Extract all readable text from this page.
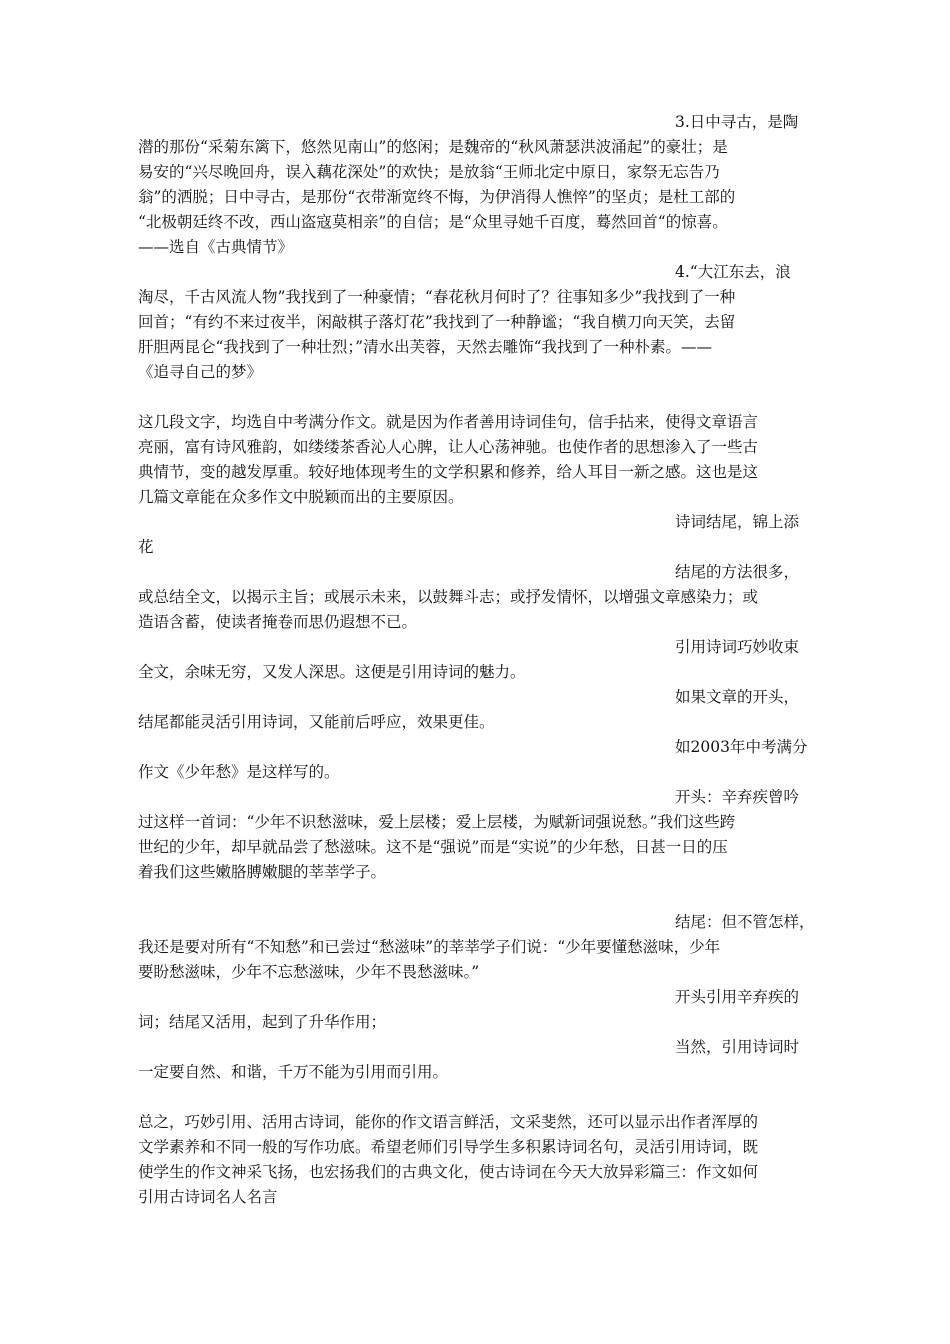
3.日中寻古，是陶
潜的那份“采菊东篱下，悠然见南山”的悠闲；是魏帝的“秋风萧瑟洪波涌起”的豪壮；是
易安的“兴尽晚回舟，误入藕花深处”的欢快；是放翁“王师北定中原日，家祭无忘告乃
翁”的洒脱；日中寻古，是那份“衣带渐宽终不悔，为伊消得人憔悴”的坚贞；是杜工部的
“北极朝廷终不改，西山盗寇莫相亲”的自信；是“众里寻她千百度，蓦然回首“的惊喜。
——选自《古典情节》
4.“大江东去，浪
淘尽，千古风流人物”我找到了一种豪情；“春花秋月何时了？往事知多少”我找到了一种
回首；“有约不来过夜半，闲敲棋子落灯花”我找到了一种静谧；“我自横刀向天笑，去留
肝胆两昆仑“我找到了一种壮烈；”清水出芙蓉，天然去雕饰“我找到了一种朴素。——
《追寻自己的梦》
这几段文字，均选自中考满分作文。就是因为作者善用诗词佳句，信手拈来，使得文章语言
亮丽，富有诗风雅韵，如缕缕茶香沁人心脾，让人心荡神驰。也使作者的思想渗入了一些古
典情节，变的越发厚重。较好地体现考生的文学积累和修养，给人耳目一新之感。这也是这
几篇文章能在众多作文中脱颖而出的主要原因。
诗词结尾，锦上添
花
结尾的方法很多，
或总结全文，以揭示主旨；或展示未来，以鼓舞斗志；或抒发情怀，以增强文章感染力；或
造语含蓄，使读者掩卷而思仍遐想不已。
引用诗词巧妙收束
全文，余味无穷，又发人深思。这便是引用诗词的魅力。
如果文章的开头，
结尾都能灵活引用诗词，又能前后呼应，效果更佳。
如2003年中考满分
作文《少年愁》是这样写的。
开头：辛弃疾曾吟
过这样一首词：“少年不识愁滋味，爱上层楼；爱上层楼，为赋新词强说愁。”我们这些跨
世纪的少年，却早就品尝了愁滋味。这不是“强说”而是“实说”的少年愁，日甚一日的压
着我们这些嫩胳膊嫩腿的莘莘学子。
结尾：但不管怎样，
我还是要对所有“不知愁”和已尝过“愁滋味”的莘莘学子们说：“少年要懂愁滋味，少年
要盼愁滋味，少年不忘愁滋味，少年不畏愁滋味。”
开头引用辛弃疾的
词；结尾又活用，起到了升华作用；
当然，引用诗词时
一定要自然、和谐，千万不能为引用而引用。
总之，巧妙引用、活用古诗词，能你的作文语言鲜活，文采斐然，还可以显示出作者浑厚的
文学素养和不同一般的写作功底。希望老师们引导学生多积累诗词名句，灵活引用诗词，既
使学生的作文神采飞扬，也宏扬我们的古典文化，使古诗词在今天大放异彩篇三：作文如何
引用古诗词名人名言
